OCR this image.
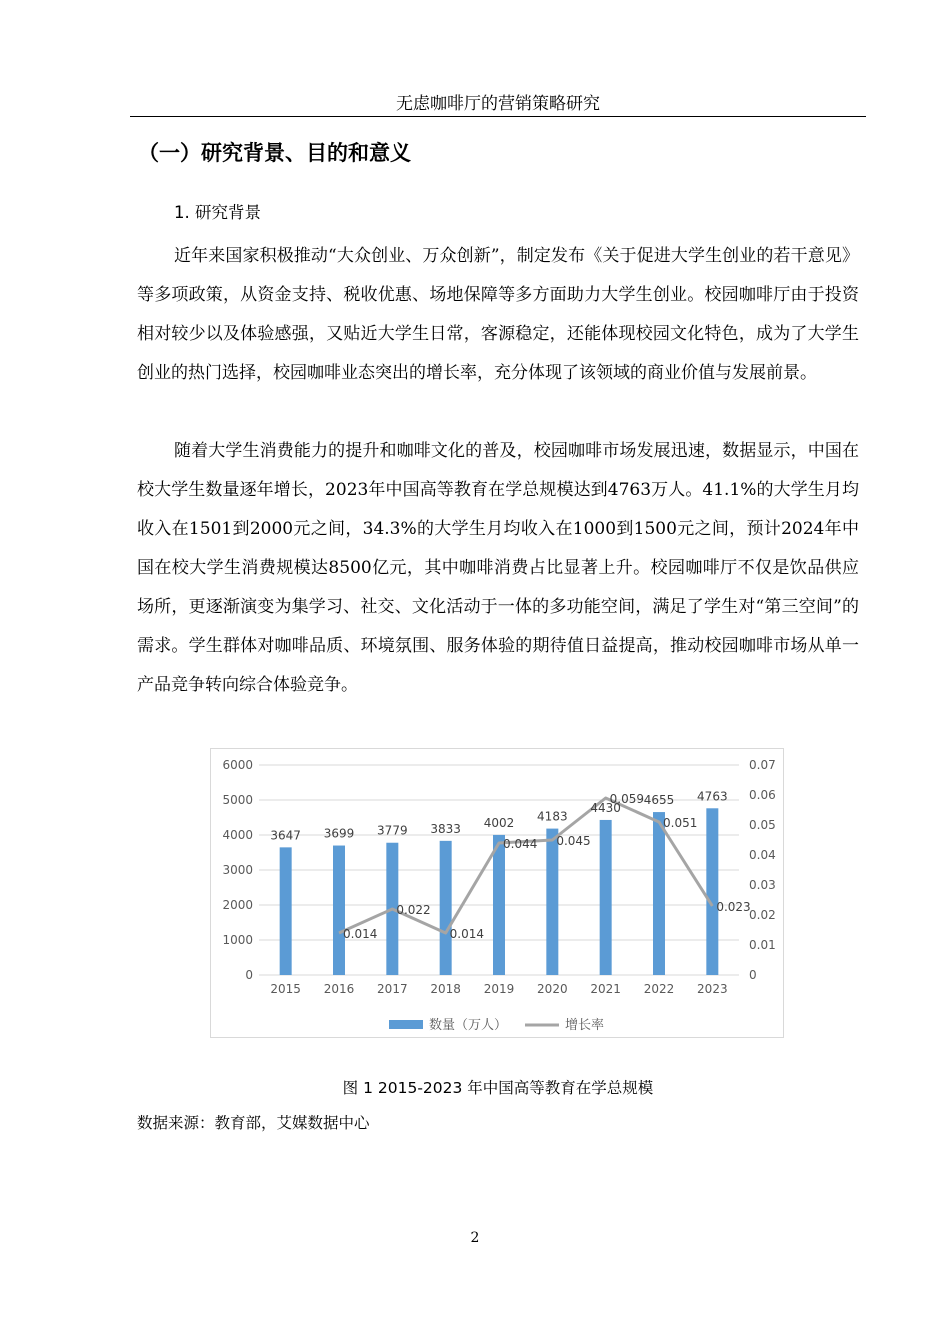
无虑咖啡厅的营销策略研究
（一）研究背景、目的和意义
1. 研究背景

近年来国家积极推动“大众创业、万众创新”，制定发布《关于促进大学生创业的若干意见》等多项政策，从资金支持、税收优惠、场地保障等多方面助力大学生创业。校园咖啡厅由于投资相对较少以及体验感强，又贴近大学生日常，客源稳定，还能体现校园文化特色，成为了大学生创业的热门选择，校园咖啡业态突出的增长率，充分体现了该领域的商业价值与发展前景。

随着大学生消费能力的提升和咖啡文化的普及，校园咖啡市场发展迅速，数据显示，中国在校大学生数量逐年增长，2023年中国高等教育在学总规模达到4763万人。41.1%的大学生月均收入在1501到2000元之间，34.3%的大学生月均收入在1000到1500元之间，预计2024年中国在校大学生消费规模达8500亿元，其中咖啡消费占比显著上升。校园咖啡厅不仅是饮品供应场所，更逐渐演变为集学习、社交、文化活动于一体的多功能空间，满足了学生对“第三空间”的需求。学生群体对咖啡品质、环境氛围、服务体验的期待值日益提高，推动校园咖啡市场从单一产品竞争转向综合体验竞争。

0
1000
2000
3000
4000
5000
6000
0
0.01
0.02
0.03
0.04
0.05
0.06
0.07
2015 2016 2017 2018 2019 2020 2021 2022 2023
3647 3699 3779 3833 4002 4183
4430
4655 4763
0.014
0.022
0.014
0.044 0.045
0.059
0.051
0.023
数量（万人）	增长率
图 1 2015-2023 年中国高等教育在学总规模
数据来源：教育部，艾媒数据中心
2
